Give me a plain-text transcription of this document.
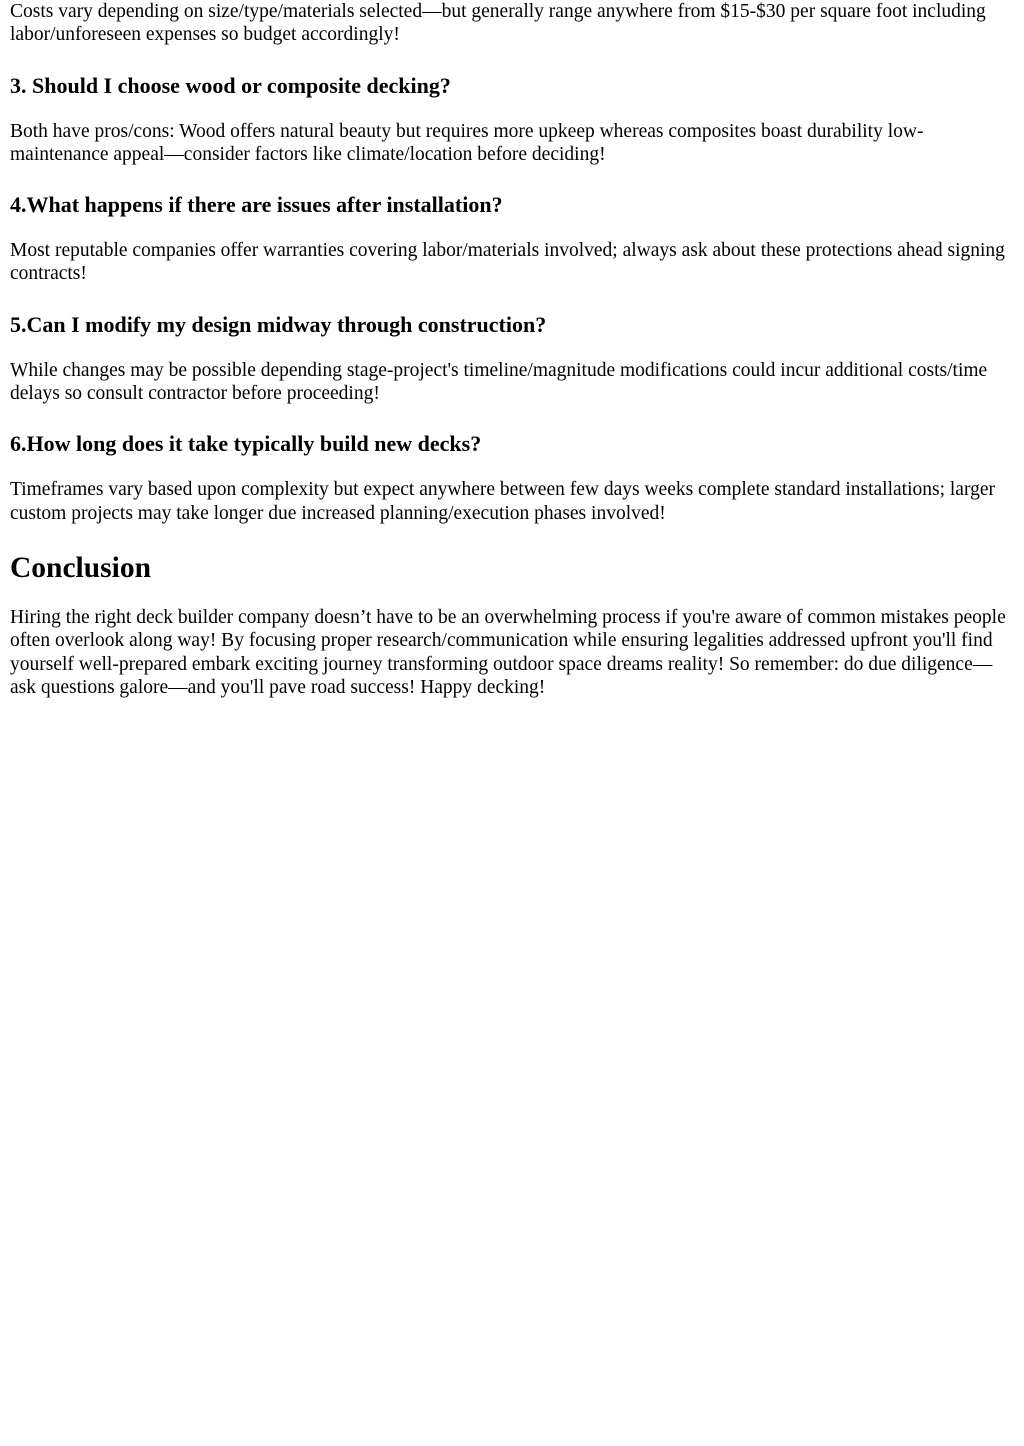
Costs vary depending on size/type/materials selected—but generally range anywhere from $15-$30 per square foot including labor/unforeseen expenses so budget accordingly!

3. Should I choose wood or composite decking?

Both have pros/cons: Wood offers natural beauty but requires more upkeep whereas composites boast durability low-maintenance appeal—consider factors like climate/location before deciding!

4.What happens if there are issues after installation?

Most reputable companies offer warranties covering labor/materials involved; always ask about these protections ahead signing contracts!

5.Can I modify my design midway through construction?

While changes may be possible depending stage-project's timeline/magnitude modifications could incur additional costs/time delays so consult contractor before proceeding!

6.How long does it take typically build new decks?

Timeframes vary based upon complexity but expect anywhere between few days weeks complete standard installations; larger custom projects may take longer due increased planning/execution phases involved!

Conclusion

Hiring the right deck builder company doesn’t have to be an overwhelming process if you're aware of common mistakes people often overlook along way! By focusing proper research/communication while ensuring legalities addressed upfront you'll find yourself well-prepared embark exciting journey transforming outdoor space dreams reality! So remember: do due diligence—ask questions galore—and you'll pave road success! Happy decking!
